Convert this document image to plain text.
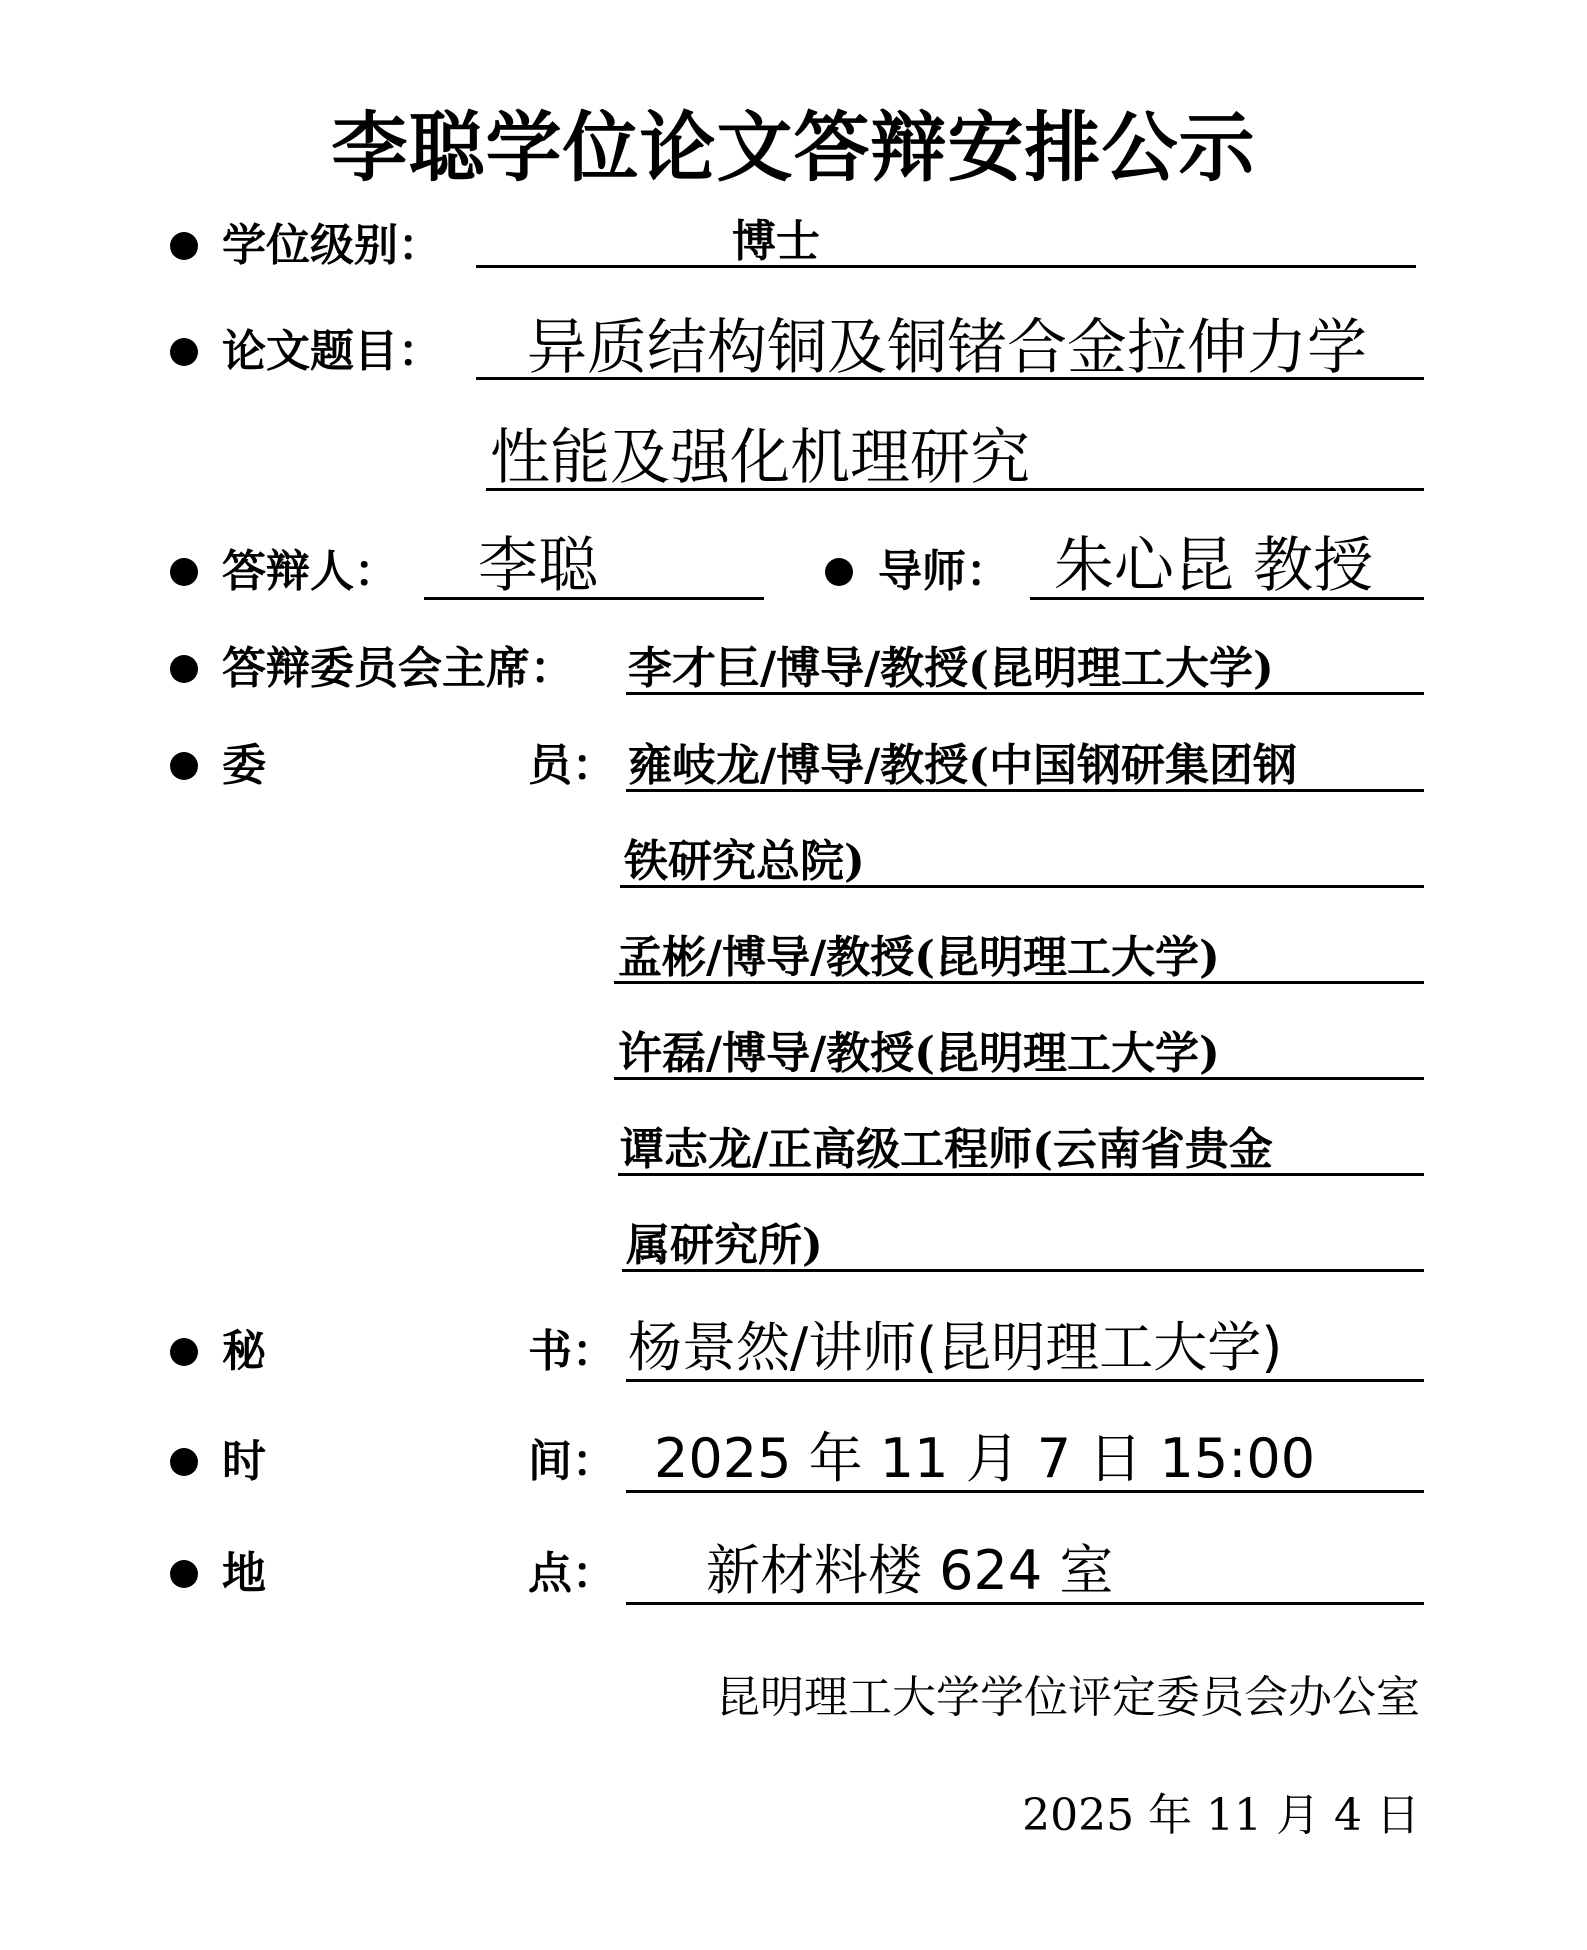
李聪学位论文答辩安排公示
学位级别：	博士
论文题目： 异质结构铜及铜锗合金拉伸力学
性能及强化机理研究
答辩人： 李聪	导师： 朱心昆 教授
答辩委员会主席： 李才巨/博导/教授(昆明理工大学)
委	员： 雍岐龙/博导/教授(中国钢研集团钢
铁研究总院)
孟彬/博导/教授(昆明理工大学)
许磊/博导/教授(昆明理工大学)
谭志龙/正高级工程师(云南省贵金
属研究所)
秘	书： 杨景然/讲师(昆明理工大学)
时	间： 2025 年 11 月 7 日 15:00
地	点： 新材料楼 624 室
昆明理工大学学位评定委员会办公室
2025 年 11 月 4 日
